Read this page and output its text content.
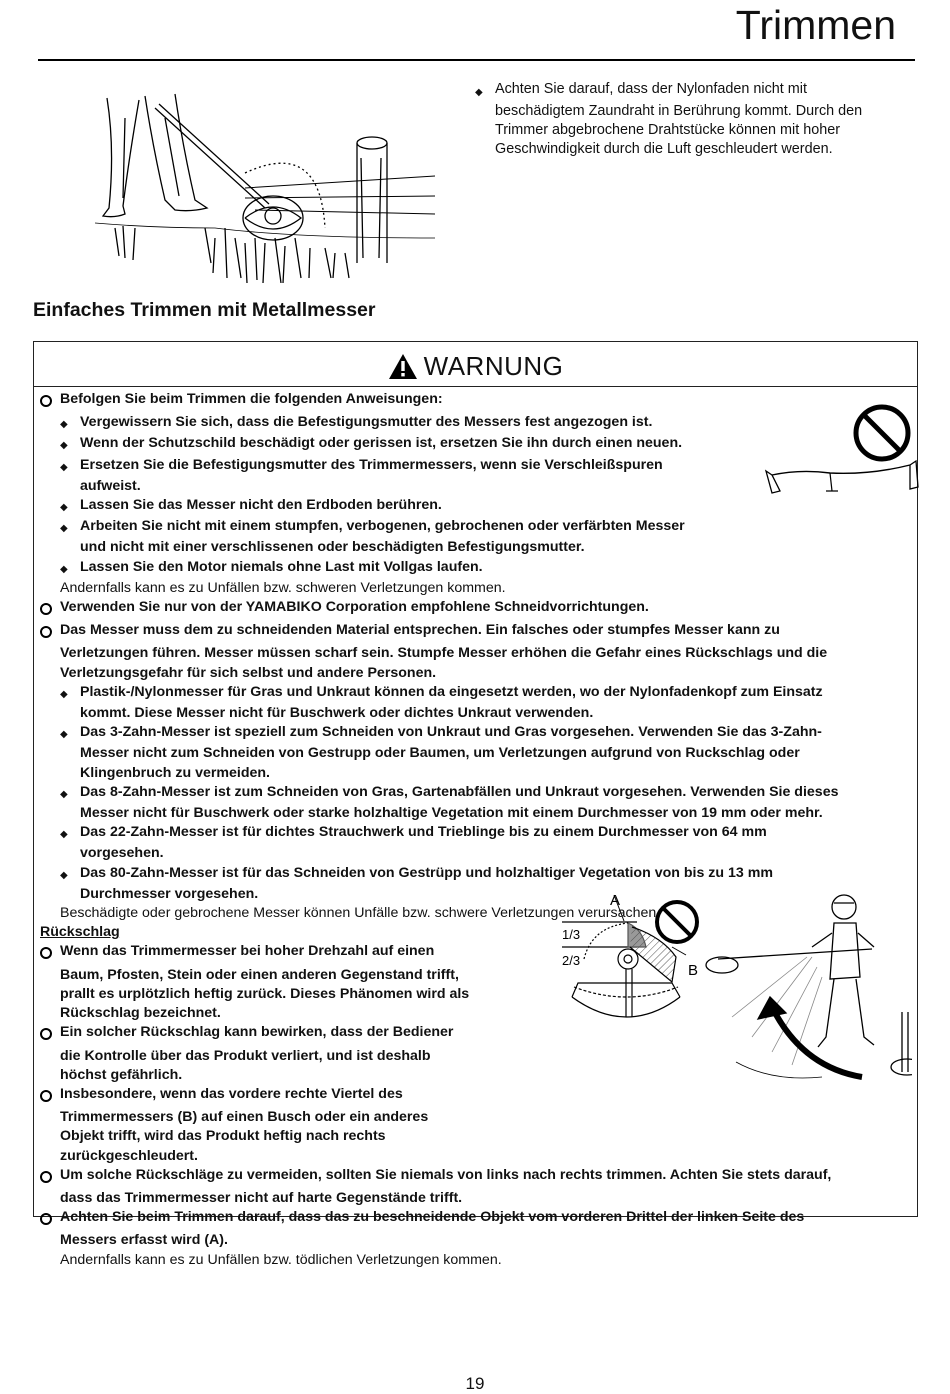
Trimmen
◆ Achten Sie darauf, dass der Nylonfaden nicht mit
beschädigtem Zaundraht in Berührung kommt. Durch den
Trimmer abgebrochene Drahtstücke können mit hoher
Geschwindigkeit durch die Luft geschleudert werden.
Einfaches Trimmen mit Metallmesser
WARNUNG
Befolgen Sie beim Trimmen die folgenden Anweisungen:
◆ Vergewissern Sie sich, dass die Befestigungsmutter des Messers fest angezogen ist.
◆ Wenn der Schutzschild beschädigt oder gerissen ist, ersetzen Sie ihn durch einen neuen.
◆ Ersetzen Sie die Befestigungsmutter des Trimmermessers, wenn sie Verschleißspuren
aufweist.
◆ Lassen Sie das Messer nicht den Erdboden berühren.
◆ Arbeiten Sie nicht mit einem stumpfen, verbogenen, gebrochenen oder verfärbten Messer
und nicht mit einer verschlissenen oder beschädigten Befestigungsmutter.
◆ Lassen Sie den Motor niemals ohne Last mit Vollgas laufen.
Andernfalls kann es zu Unfällen bzw. schweren Verletzungen kommen.
Verwenden Sie nur von der YAMABIKO Corporation empfohlene Schneidvorrichtungen.
Das Messer muss dem zu schneidenden Material entsprechen. Ein falsches oder stumpfes Messer kann zu
Verletzungen führen. Messer müssen scharf sein. Stumpfe Messer erhöhen die Gefahr eines Rückschlags und die
Verletzungsgefahr für sich selbst und andere Personen.
◆ Plastik-/Nylonmesser für Gras und Unkraut können da eingesetzt werden, wo der Nylonfadenkopf zum Einsatz
kommt. Diese Messer nicht für Buschwerk oder dichtes Unkraut verwenden.
◆ Das 3-Zahn-Messer ist speziell zum Schneiden von Unkraut und Gras vorgesehen. Verwenden Sie das 3-Zahn-
Messer nicht zum Schneiden von Gestrupp oder Baumen, um Verletzungen aufgrund von Ruckschlag oder
Klingenbruch zu vermeiden.
◆ Das 8-Zahn-Messer ist zum Schneiden von Gras, Gartenabfällen und Unkraut vorgesehen. Verwenden Sie dieses
Messer nicht für Buschwerk oder starke holzhaltige Vegetation mit einem Durchmesser von 19 mm oder mehr.
◆ Das 22-Zahn-Messer ist für dichtes Strauchwerk und Trieblinge bis zu einem Durchmesser von 64 mm
vorgesehen.
◆ Das 80-Zahn-Messer ist für das Schneiden von Gestrüpp und holzhaltiger Vegetation von bis zu 13 mm
Durchmesser vorgesehen.
Beschädigte oder gebrochene Messer können Unfälle bzw. schwere Verletzungen verursachen.
Rückschlag
Wenn das Trimmermesser bei hoher Drehzahl auf einen
Baum, Pfosten, Stein oder einen anderen Gegenstand trifft,
prallt es urplötzlich heftig zurück. Dieses Phänomen wird als
Rückschlag bezeichnet.
Ein solcher Rückschlag kann bewirken, dass der Bediener
die Kontrolle über das Produkt verliert, und ist deshalb
höchst gefährlich.
Insbesondere, wenn das vordere rechte Viertel des
Trimmermessers (B) auf einen Busch oder ein anderes
Objekt trifft, wird das Produkt heftig nach rechts
zurückgeschleudert.
Um solche Rückschläge zu vermeiden, sollten Sie niemals von links nach rechts trimmen. Achten Sie stets darauf,
dass das Trimmermesser nicht auf harte Gegenstände trifft.
Achten Sie beim Trimmen darauf, dass das zu beschneidende Objekt vom vorderen Drittel der linken Seite des
Messers erfasst wird (A).
Andernfalls kann es zu Unfällen bzw. tödlichen Verletzungen kommen.
A
B
1/3
2/3
19
